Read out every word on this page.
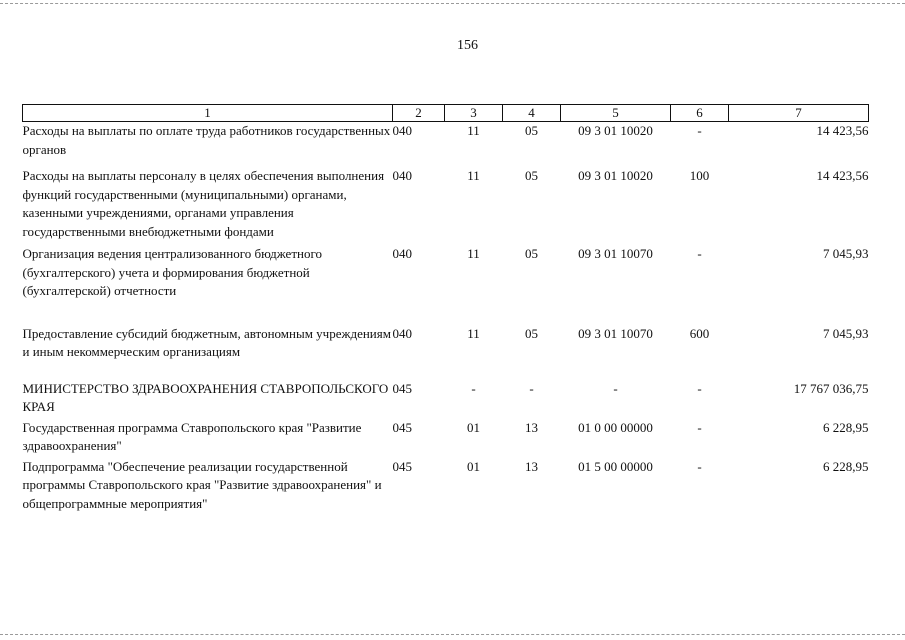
156
1	2	3	4	5	6	7
Расходы на выплаты по оплате труда работников государственных органов	040	11	05	09 3 01 10020	-	14 423,56

Расходы на выплаты персоналу в целях обеспечения выполнения функций государственными (муниципальными) органами, казенными учреждениями, органами управления государственными внебюджетными фондами	040	11	05	09 3 01 10020	100	14 423,56

Организация ведения централизованного бюджетного (бухгалтерского) учета и формирования бюджетной (бухгалтерской) отчетности	040	11	05	09 3 01 10070	-	7 045,93

Предоставление субсидий бюджетным, автономным учреждениям и иным некоммерческим организациям	040	11	05	09 3 01 10070	600	7 045,93

МИНИСТЕРСТВО ЗДРАВООХРАНЕНИЯ СТАВРОПОЛЬСКОГО КРАЯ	045	-	-	-	-	17 767 036,75

Государственная программа Ставропольского края "Развитие здравоохранения"	045	01	13	01 0 00 00000	-	6 228,95

Подпрограмма "Обеспечение реализации государственной программы Ставропольского края "Развитие здравоохранения" и общепрограммные мероприятия"	045	01	13	01 5 00 00000	-	6 228,95
